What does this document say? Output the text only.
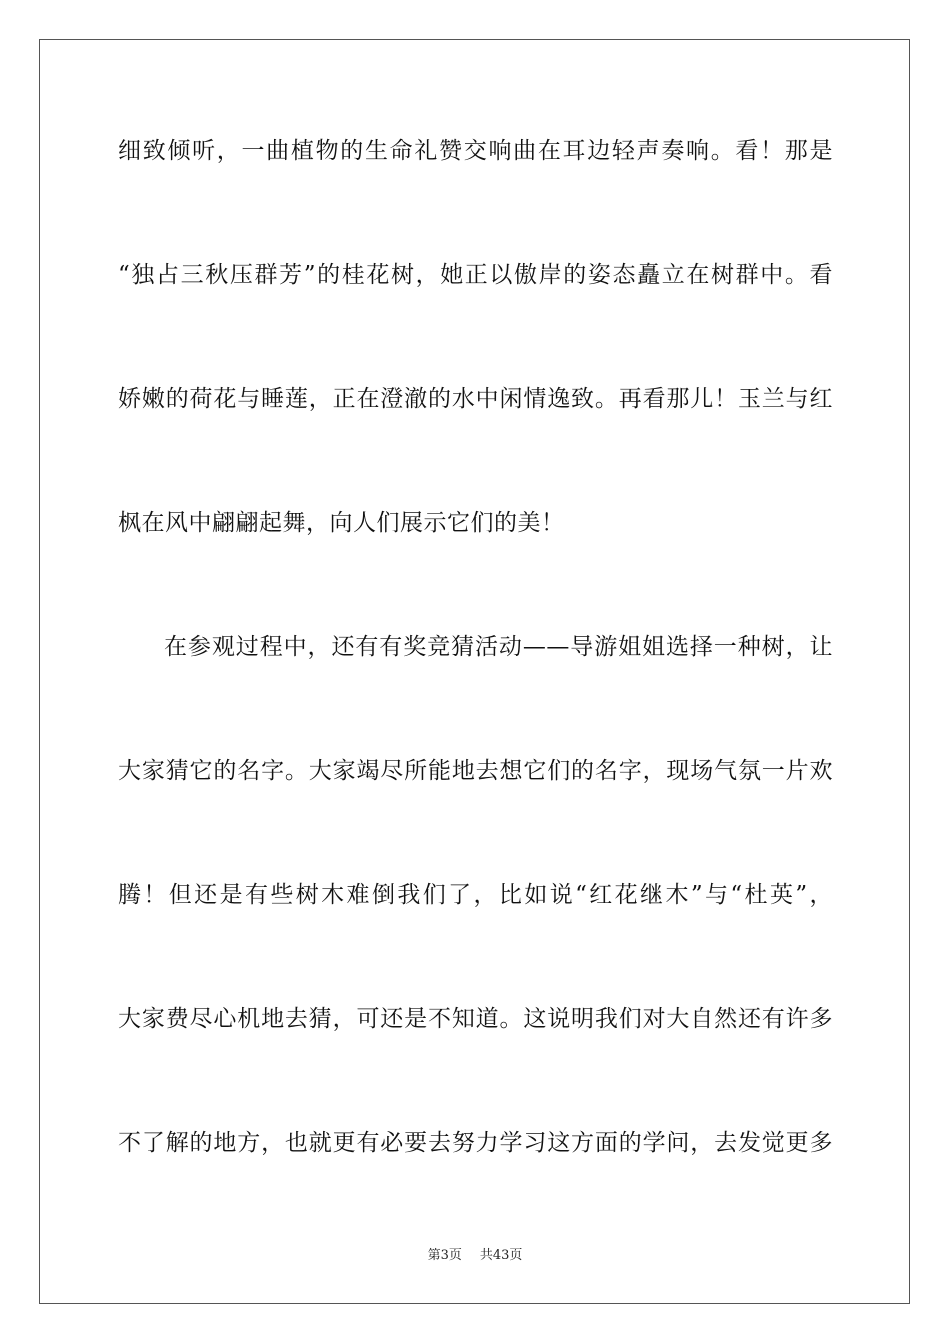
细致倾听，一曲植物的生命礼赞交响曲在耳边轻声奏响。看！那是
“独占三秋压群芳”的桂花树，她正以傲岸的姿态矗立在树群中。看
娇嫩的荷花与睡莲，正在澄澈的水中闲情逸致。再看那儿！玉兰与红
枫在风中翩翩起舞，向人们展示它们的美！
在参观过程中，还有有奖竞猜活动——导游姐姐选择一种树，让
大家猜它的名字。大家竭尽所能地去想它们的名字，现场气氛一片欢
腾！但还是有些树木难倒我们了，比如说“红花继木”与“杜英”，
大家费尽心机地去猜，可还是不知道。这说明我们对大自然还有许多
不了解的地方，也就更有必要去努力学习这方面的学问，去发觉更多
第3页 共43页
